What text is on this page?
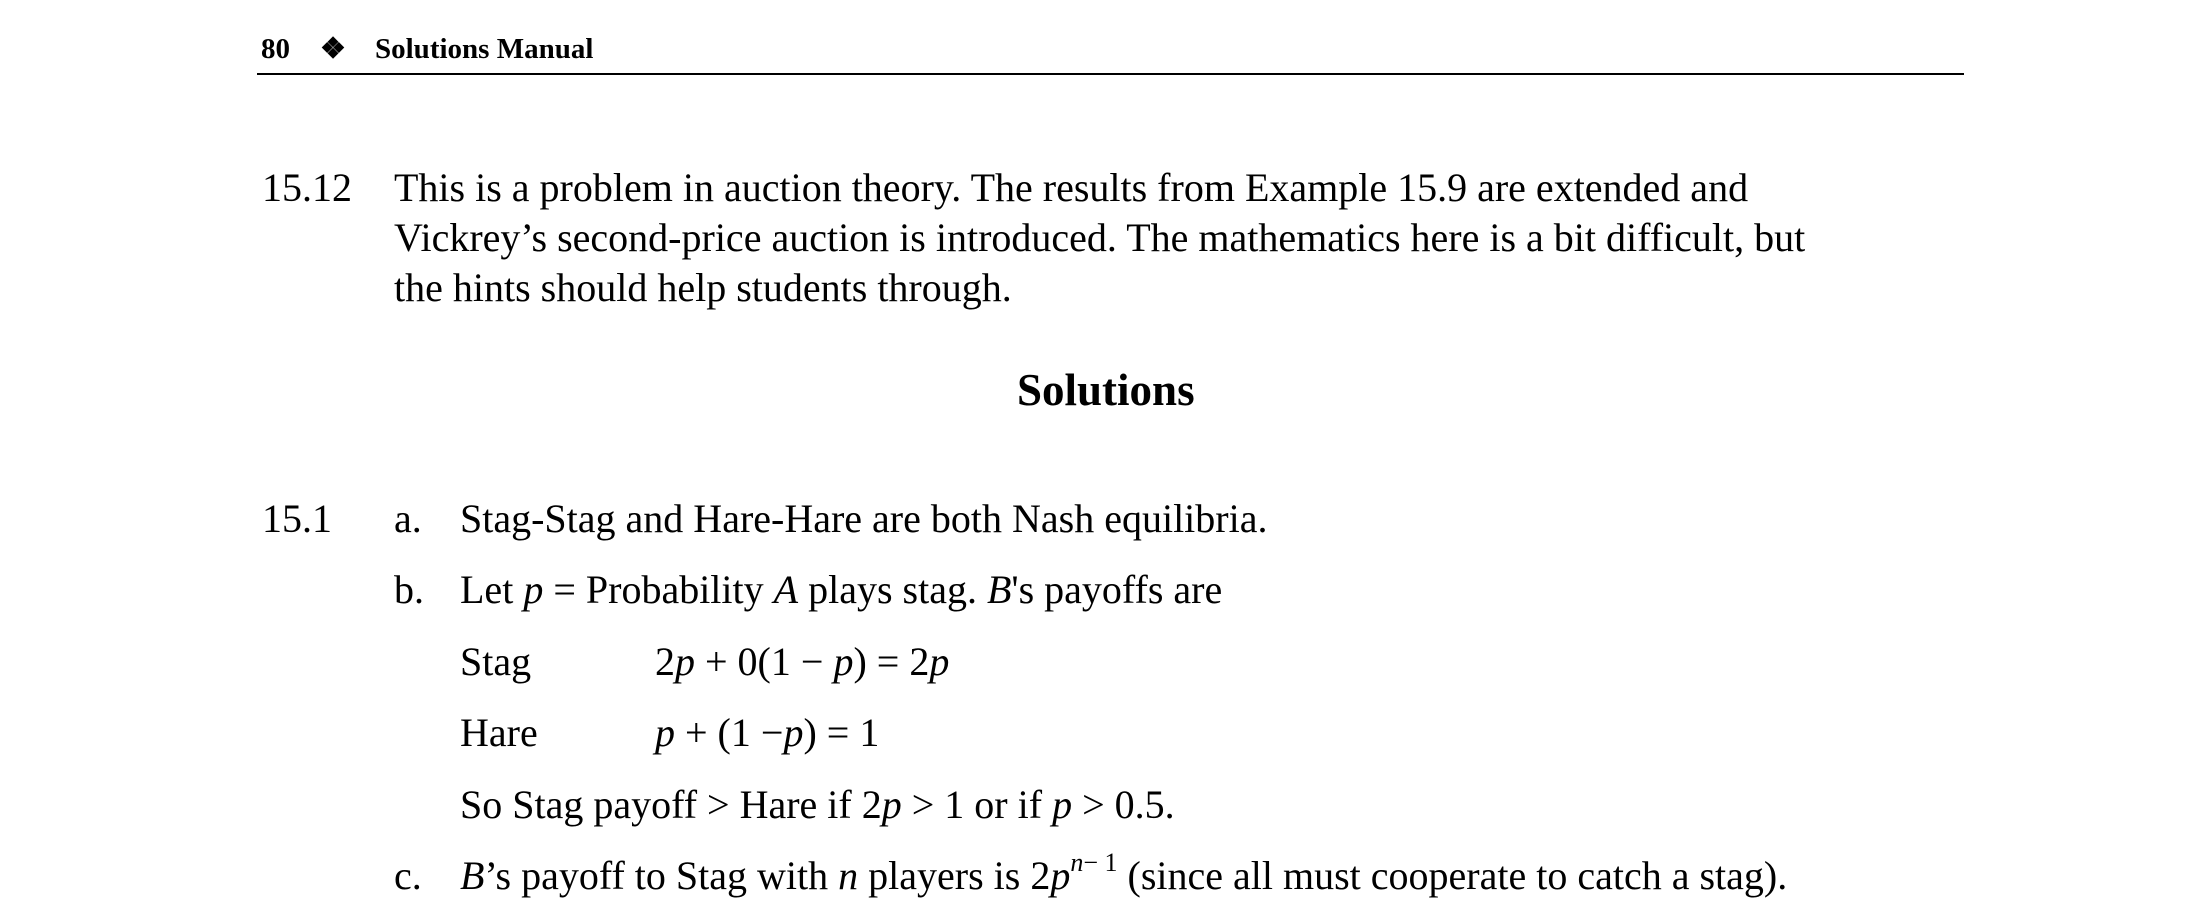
80 ❖ Solutions Manual
15.12 This is a problem in auction theory. The results from Example 15.9 are extended and
Vickrey’s second-price auction is introduced. The mathematics here is a bit difficult, but
the hints should help students through.
Solutions
15.1 a. Stag-Stag and Hare-Hare are both Nash equilibria.
b. Let p = Probability A plays stag. B's payoffs are
Stag	2p + 0(1 − p) = 2p
Hare	p + (1 −p) = 1
So Stag payoff > Hare if 2p > 1 or if p > 0.5.
c. B’s payoff to Stag with n players is $2p^{n- 1}$ (since all must cooperate to catch a stag).
